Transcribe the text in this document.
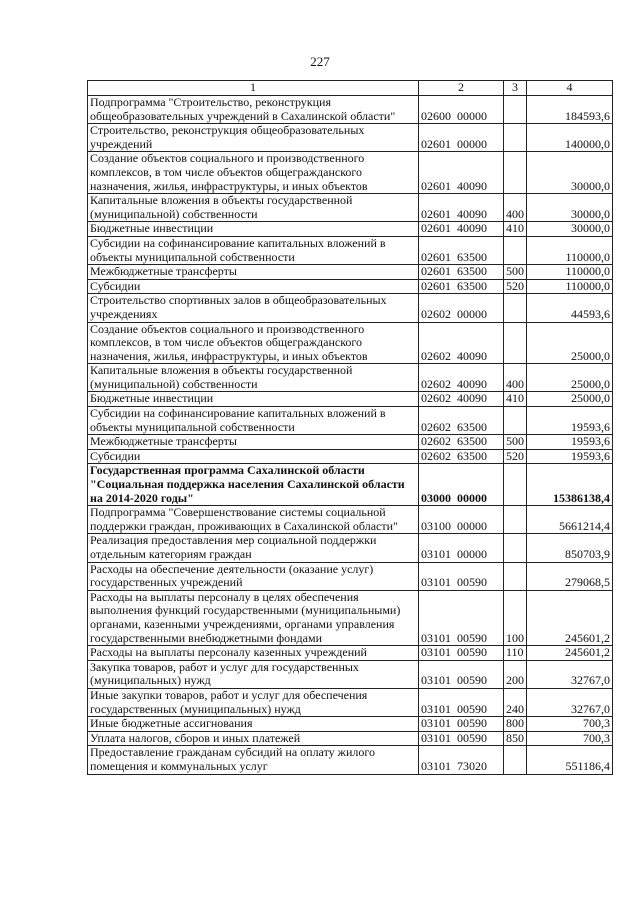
227
1	2	3	4
Подпрограмма "Строительство, реконструкция общеобразовательных учреждений в Сахалинской области"	02600  00000		184593,6
Строительство, реконструкция общеобразовательных учреждений	02601  00000		140000,0
Создание объектов социального и производственного комплексов, в том числе объектов общегражданского назначения, жилья, инфраструктуры, и иных объектов	02601  40090		30000,0
Капитальные вложения в объекты государственной (муниципальной) собственности	02601  40090	400	30000,0
Бюджетные инвестиции	02601  40090	410	30000,0
Субсидии на софинансирование капитальных вложений в объекты муниципальной собственности	02601  63500		110000,0
Межбюджетные трансферты	02601  63500	500	110000,0
Субсидии	02601  63500	520	110000,0
Строительство спортивных залов в общеобразовательных учреждениях	02602  00000		44593,6
Создание объектов социального и производственного комплексов, в том числе объектов общегражданского назначения, жилья, инфраструктуры, и иных объектов	02602  40090		25000,0
Капитальные вложения в объекты государственной (муниципальной) собственности	02602  40090	400	25000,0
Бюджетные инвестиции	02602  40090	410	25000,0
Субсидии на софинансирование капитальных вложений в объекты муниципальной собственности	02602  63500		19593,6
Межбюджетные трансферты	02602  63500	500	19593,6
Субсидии	02602  63500	520	19593,6
Государственная программа Сахалинской области "Социальная поддержка населения Сахалинской области на 2014-2020 годы"	03000  00000		15386138,4
Подпрограмма "Совершенствование системы социальной поддержки граждан, проживающих в Сахалинской области"	03100  00000		5661214,4
Реализация предоставления мер социальной поддержки отдельным категориям граждан	03101  00000		850703,9
Расходы на обеспечение деятельности (оказание услуг) государственных учреждений	03101  00590		279068,5
Расходы на выплаты персоналу в целях обеспечения выполнения функций государственными (муниципальными) органами, казенными учреждениями, органами управления государственными внебюджетными фондами	03101  00590	100	245601,2
Расходы на выплаты персоналу казенных учреждений	03101  00590	110	245601,2
Закупка товаров, работ и услуг для государственных (муниципальных) нужд	03101  00590	200	32767,0
Иные закупки товаров, работ и услуг для обеспечения государственных (муниципальных) нужд	03101  00590	240	32767,0
Иные бюджетные ассигнования	03101  00590	800	700,3
Уплата налогов, сборов и иных платежей	03101  00590	850	700,3
Предоставление гражданам субсидий на оплату жилого помещения и коммунальных услуг	03101  73020		551186,4
